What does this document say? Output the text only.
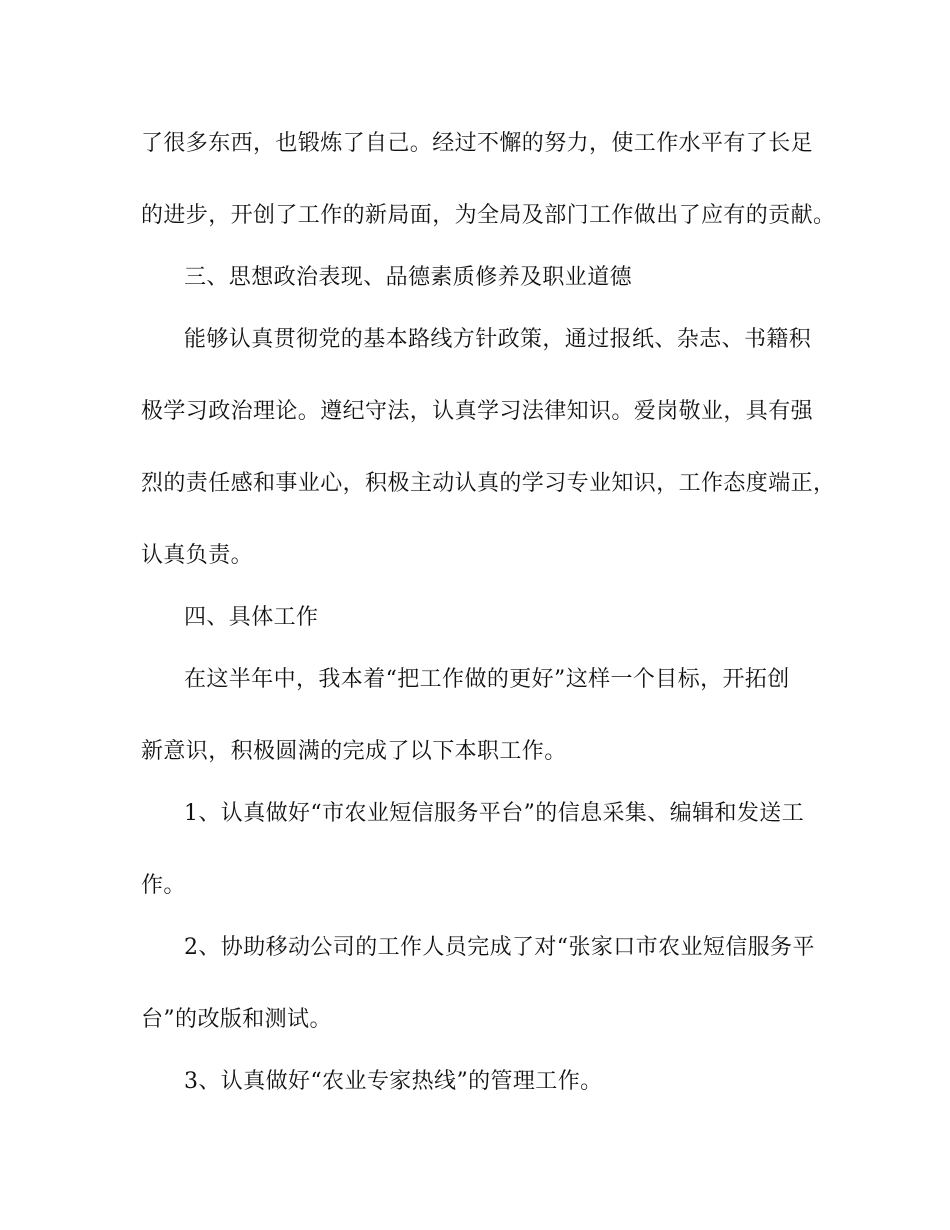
了很多东西，也锻炼了自己。经过不懈的努力，使工作水平有了长足
的进步，开创了工作的新局面，为全局及部门工作做出了应有的贡献。
三、思想政治表现、品德素质修养及职业道德
能够认真贯彻党的基本路线方针政策，通过报纸、杂志、书籍积
极学习政治理论。遵纪守法，认真学习法律知识。爱岗敬业，具有强
烈的责任感和事业心，积极主动认真的学习专业知识，工作态度端正，
认真负责。
四、具体工作
在这半年中，我本着“把工作做的更好”这样一个目标，开拓创
新意识，积极圆满的完成了以下本职工作。
1、认真做好“市农业短信服务平台”的信息采集、编辑和发送工
作。
2、协助移动公司的工作人员完成了对“张家口市农业短信服务平
台”的改版和测试。
3、认真做好“农业专家热线”的管理工作。
